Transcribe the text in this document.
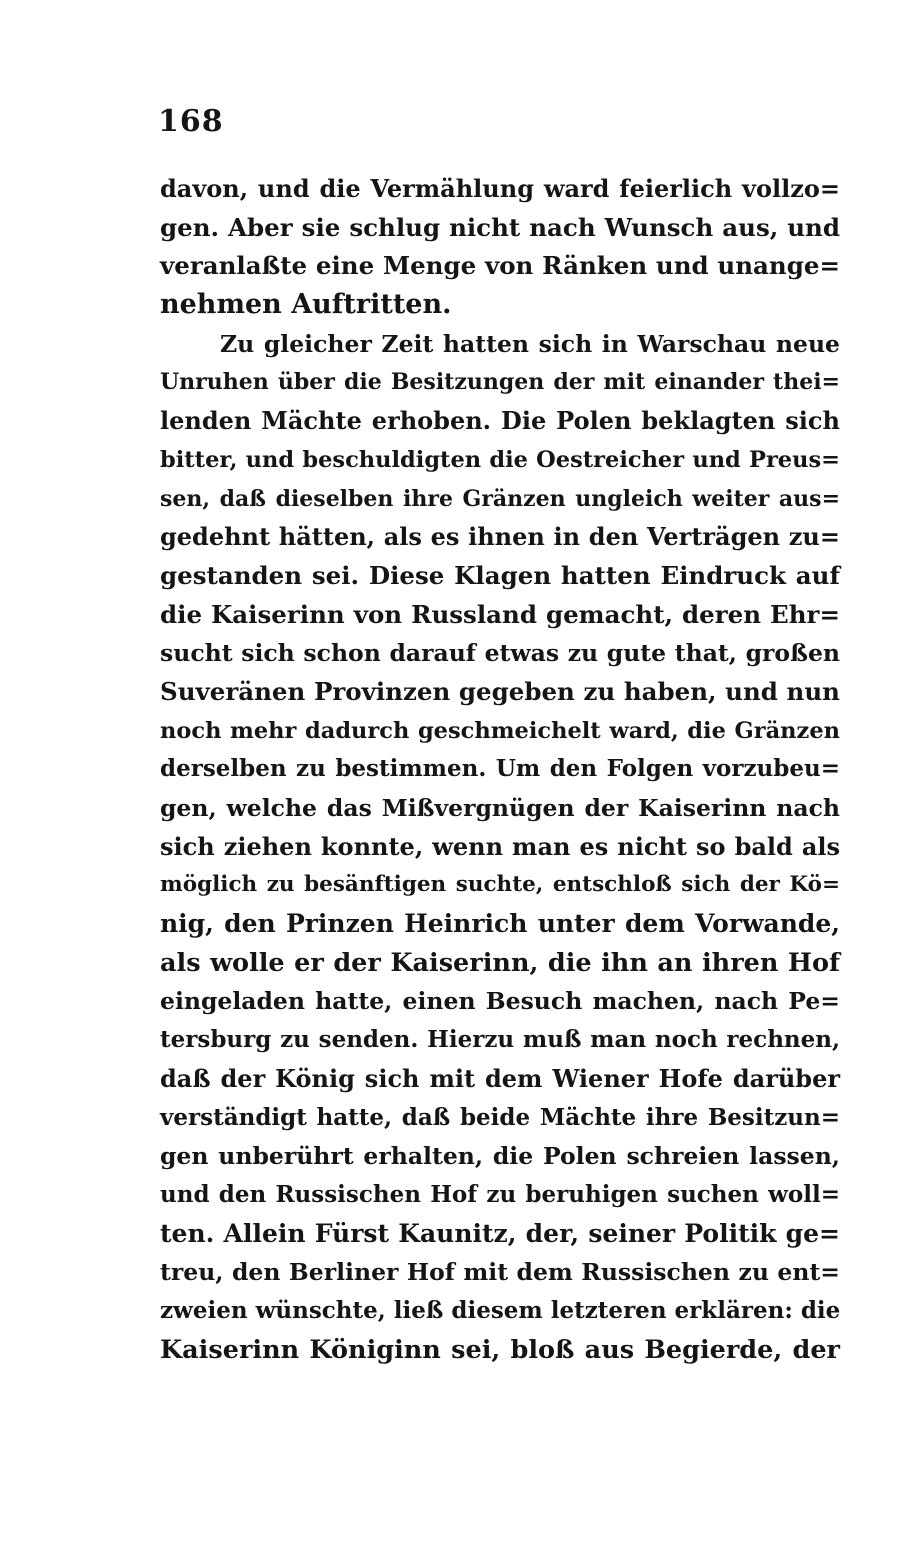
168
davon, und die Vermählung ward feierlich vollzo=
gen. Aber sie schlug nicht nach Wunsch aus, und
veranlaßte eine Menge von Ränken und unange=
nehmen Auftritten.
Zu gleicher Zeit hatten sich in Warschau neue
Unruhen über die Besitzungen der mit einander thei=
lenden Mächte erhoben. Die Polen beklagten sich
bitter, und beschuldigten die Oestreicher und Preus=
sen, daß dieselben ihre Gränzen ungleich weiter aus=
gedehnt hätten, als es ihnen in den Verträgen zu=
gestanden sei. Diese Klagen hatten Eindruck auf
die Kaiserinn von Russland gemacht, deren Ehr=
sucht sich schon darauf etwas zu gute that, großen
Suveränen Provinzen gegeben zu haben, und nun
noch mehr dadurch geschmeichelt ward, die Gränzen
derselben zu bestimmen. Um den Folgen vorzubeu=
gen, welche das Mißvergnügen der Kaiserinn nach
sich ziehen konnte, wenn man es nicht so bald als
möglich zu besänftigen suchte, entschloß sich der Kö=
nig, den Prinzen Heinrich unter dem Vorwande,
als wolle er der Kaiserinn, die ihn an ihren Hof
eingeladen hatte, einen Besuch machen, nach Pe=
tersburg zu senden. Hierzu muß man noch rechnen,
daß der König sich mit dem Wiener Hofe darüber
verständigt hatte, daß beide Mächte ihre Besitzun=
gen unberührt erhalten, die Polen schreien lassen,
und den Russischen Hof zu beruhigen suchen woll=
ten. Allein Fürst Kaunitz, der, seiner Politik ge=
treu, den Berliner Hof mit dem Russischen zu ent=
zweien wünschte, ließ diesem letzteren erklären: die
Kaiserinn Königinn sei, bloß aus Begierde, der
